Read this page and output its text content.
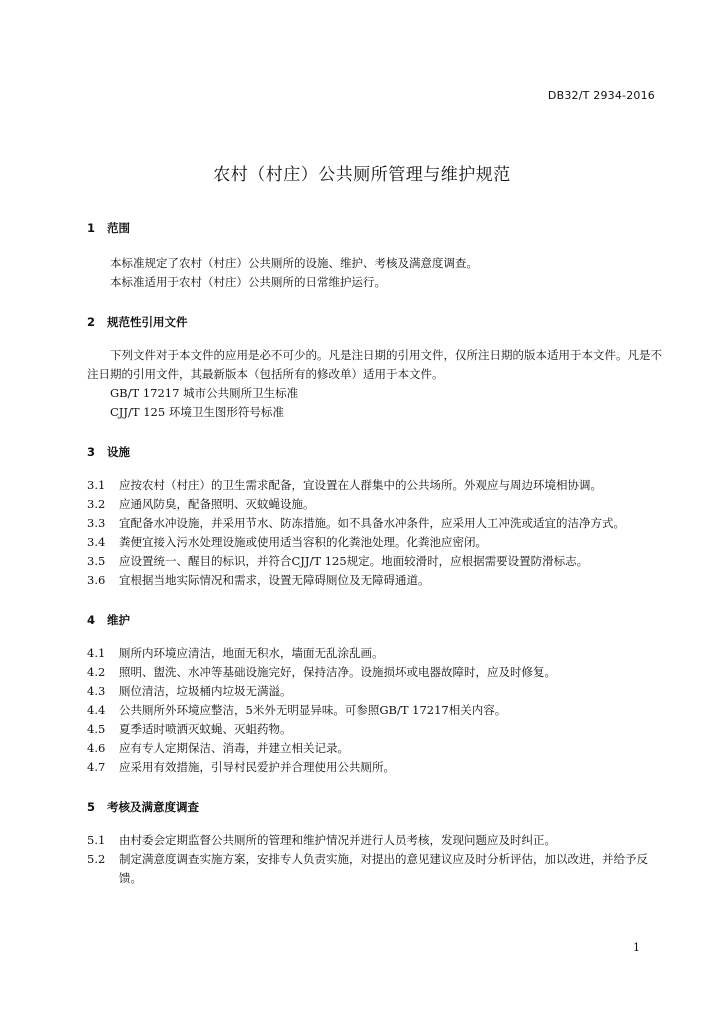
DB32/T 2934-2016
农村（村庄）公共厕所管理与维护规范
1 范围

本标准规定了农村（村庄）公共厕所的设施、维护、考核及满意度调查。

本标准适用于农村（村庄）公共厕所的日常维护运行。

2 规范性引用文件

下列文件对于本文件的应用是必不可少的。凡是注日期的引用文件，仅所注日期的版本适用于本文件。凡是不注日期的引用文件，其最新版本（包括所有的修改单）适用于本文件。

GB/T 17217 城市公共厕所卫生标准

CJJ/T 125 环境卫生图形符号标准

3 设施
3.1	应按农村（村庄）的卫生需求配备，宜设置在人群集中的公共场所。外观应与周边环境相协调。
3.2	应通风防臭，配备照明、灭蚊蝇设施。
3.3	宜配备水冲设施，并采用节水、防冻措施。如不具备水冲条件，应采用人工冲洗或适宜的洁净方式。
3.4	粪便宜接入污水处理设施或使用适当容积的化粪池处理。化粪池应密闭。
3.5	应设置统一、醒目的标识，并符合CJJ/T 125规定。地面较滑时，应根据需要设置防滑标志。
3.6	宜根据当地实际情况和需求，设置无障碍厕位及无障碍通道。
4 维护
4.1	厕所内环境应清洁，地面无积水，墙面无乱涂乱画。
4.2	照明、盥洗、水冲等基础设施完好，保持洁净。设施损坏或电器故障时，应及时修复。
4.3	厕位清洁，垃圾桶内垃圾无满溢。
4.4	公共厕所外环境应整洁，5米外无明显异味。可参照GB/T 17217相关内容。
4.5	夏季适时喷洒灭蚊蝇、灭蛆药物。
4.6	应有专人定期保洁、消毒，并建立相关记录。
4.7	应采用有效措施，引导村民爱护并合理使用公共厕所。
5 考核及满意度调查
5.1	由村委会定期监督公共厕所的管理和维护情况并进行人员考核，发现问题应及时纠正。
5.2	制定满意度调查实施方案，安排专人负责实施，对提出的意见建议应及时分析评估，加以改进，并给予反馈。
1
